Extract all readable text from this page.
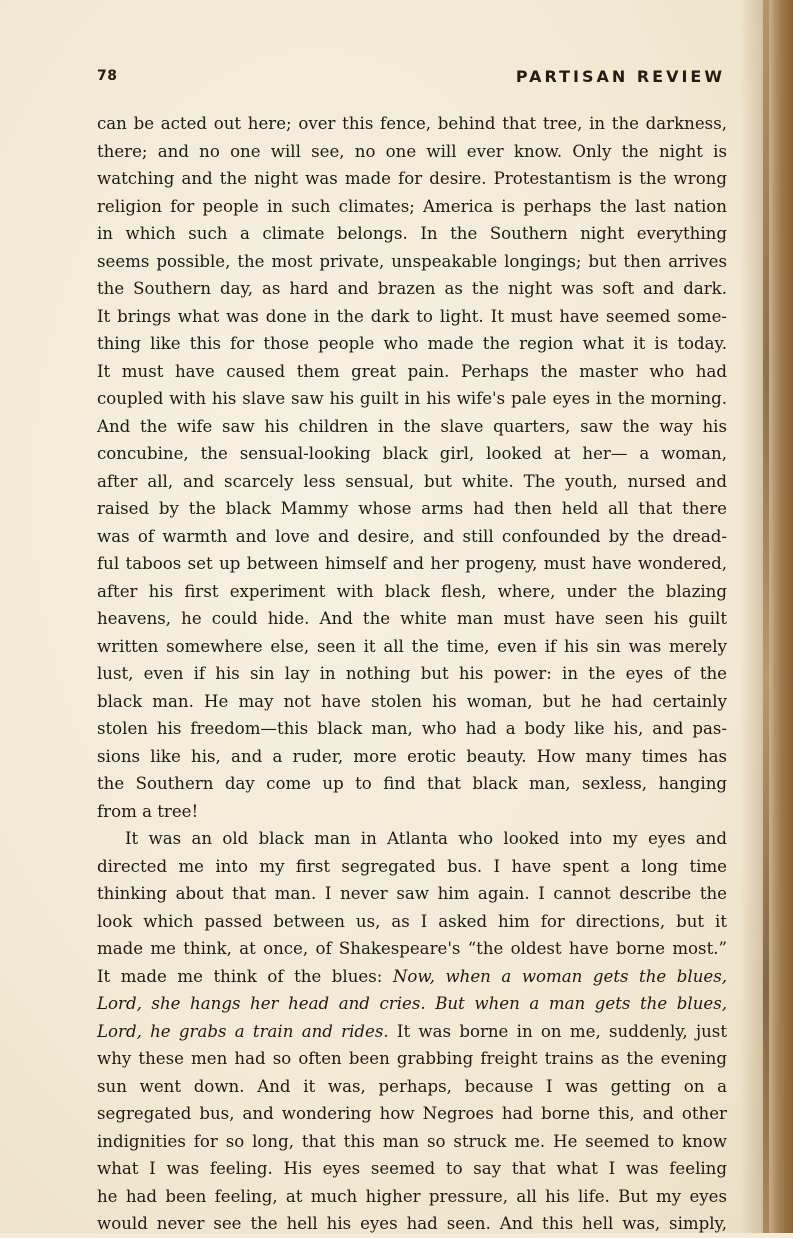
78	PARTISAN REVIEW

can be acted out here; over this fence, behind that tree, in the darkness,
there; and no one will see, no one will ever know. Only the night is
watching and the night was made for desire. Protestantism is the wrong
religion for people in such climates; America is perhaps the last nation
in which such a climate belongs. In the Southern night everything
seems possible, the most private, unspeakable longings; but then arrives
the Southern day, as hard and brazen as the night was soft and dark.
It brings what was done in the dark to light. It must have seemed some-
thing like this for those people who made the region what it is today.
It must have caused them great pain. Perhaps the master who had
coupled with his slave saw his guilt in his wife's pale eyes in the morning.
And the wife saw his children in the slave quarters, saw the way his
concubine, the sensual-looking black girl, looked at her— a woman,
after all, and scarcely less sensual, but white. The youth, nursed and
raised by the black Mammy whose arms had then held all that there
was of warmth and love and desire, and still confounded by the dread-
ful taboos set up between himself and her progeny, must have wondered,
after his first experiment with black flesh, where, under the blazing
heavens, he could hide. And the white man must have seen his guilt
written somewhere else, seen it all the time, even if his sin was merely
lust, even if his sin lay in nothing but his power: in the eyes of the
black man. He may not have stolen his woman, but he had certainly
stolen his freedom—this black man, who had a body like his, and pas-
sions like his, and a ruder, more erotic beauty. How many times has
the Southern day come up to find that black man, sexless, hanging
from a tree!

It was an old black man in Atlanta who looked into my eyes and
directed me into my first segregated bus. I have spent a long time
thinking about that man. I never saw him again. I cannot describe the
look which passed between us, as I asked him for directions, but it
made me think, at once, of Shakespeare's “the oldest have borne most.”
It made me think of the blues: Now, when a woman gets the blues,
Lord, she hangs her head and cries. But when a man gets the blues,
Lord, he grabs a train and rides. It was borne in on me, suddenly, just
why these men had so often been grabbing freight trains as the evening
sun went down. And it was, perhaps, because I was getting on a
segregated bus, and wondering how Negroes had borne this, and other
indignities for so long, that this man so struck me. He seemed to know
what I was feeling. His eyes seemed to say that what I was feeling
he had been feeling, at much higher pressure, all his life. But my eyes
would never see the hell his eyes had seen. And this hell was, simply,
